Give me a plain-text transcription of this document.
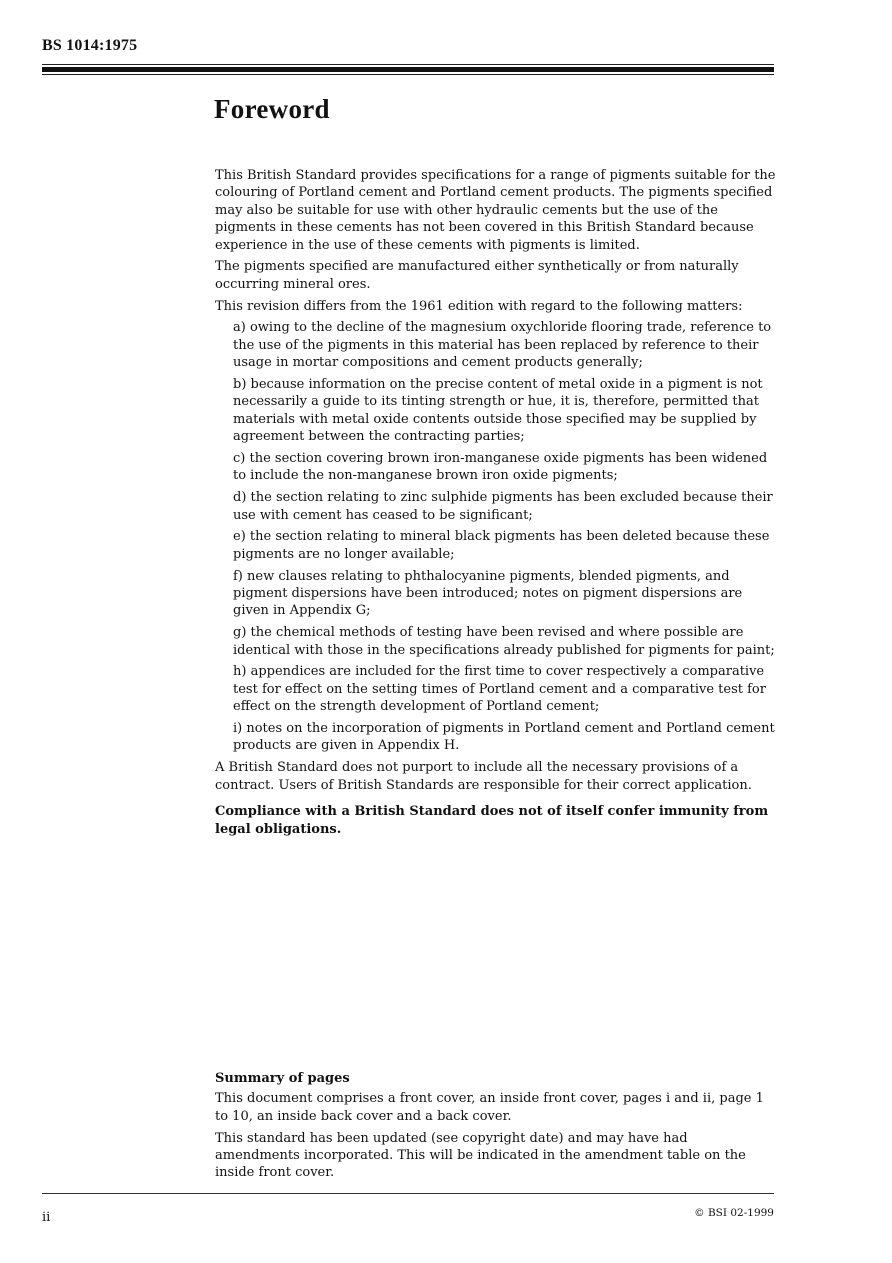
BS 1014:1975
Foreword

This British Standard provides specifications for a range of pigments suitable for the colouring of Portland cement and Portland cement products. The pigments specified may also be suitable for use with other hydraulic cements but the use of the pigments in these cements has not been covered in this British Standard because experience in the use of these cements with pigments is limited.

The pigments specified are manufactured either synthetically or from naturally occurring mineral ores.

This revision differs from the 1961 edition with regard to the following matters:

a) owing to the decline of the magnesium oxychloride flooring trade, reference to the use of the pigments in this material has been replaced by reference to their usage in mortar compositions and cement products generally;
b) because information on the precise content of metal oxide in a pigment is not necessarily a guide to its tinting strength or hue, it is, therefore, permitted that materials with metal oxide contents outside those specified may be supplied by agreement between the contracting parties;
c) the section covering brown iron-manganese oxide pigments has been widened to include the non-manganese brown iron oxide pigments;
d) the section relating to zinc sulphide pigments has been excluded because their use with cement has ceased to be significant;
e) the section relating to mineral black pigments has been deleted because these pigments are no longer available;
f) new clauses relating to phthalocyanine pigments, blended pigments, and pigment dispersions have been introduced; notes on pigment dispersions are given in Appendix G;
g) the chemical methods of testing have been revised and where possible are identical with those in the specifications already published for pigments for paint;
h) appendices are included for the first time to cover respectively a comparative test for effect on the setting times of Portland cement and a comparative test for effect on the strength development of Portland cement;
i) notes on the incorporation of pigments in Portland cement and Portland cement products are given in Appendix H.

A British Standard does not purport to include all the necessary provisions of a contract. Users of British Standards are responsible for their correct application.

Compliance with a British Standard does not of itself confer immunity from legal obligations.

Summary of pages

This document comprises a front cover, an inside front cover, pages i and ii, page 1 to 10, an inside back cover and a back cover.

This standard has been updated (see copyright date) and may have had amendments incorporated. This will be indicated in the amendment table on the inside front cover.

ii	© BSI 02-1999
